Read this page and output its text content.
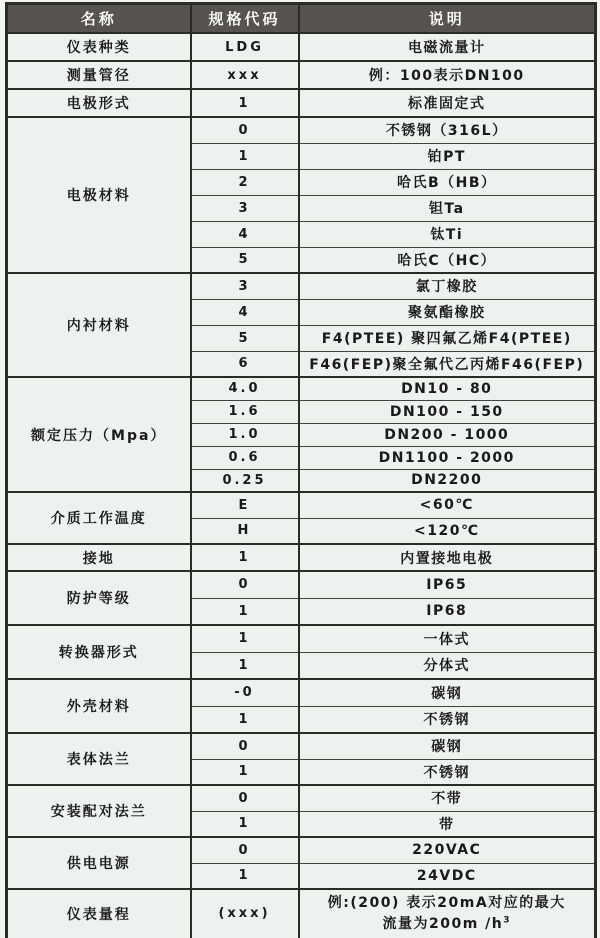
名称	规格代码	说明
仪表种类	LDG	电磁流量计
测量管径	xxx	例：100表示DN100
电极形式	1	标准固定式
电极材料	0	不锈钢（316L）
	1	铂PT
	2	哈氏B（HB）
	3	钽Ta
	4	钛Ti
	5	哈氏C（HC）
内衬材料	3	氯丁橡胶
	4	聚氨酯橡胶
	5	F4(PTEE) 聚四氟乙烯F4(PTEE)
	6	F46(FEP)聚全氟代乙丙烯F46(FEP)
额定压力（Mpa）	4.0	DN10 - 80
	1.6	DN100 - 150
	1.0	DN200 - 1000
	0.6	DN1100 - 2000
	0.25	DN2200
介质工作温度	E	<60℃
	H	<120℃
接地	1	内置接地电极
防护等级	0	IP65
	1	IP68
转换器形式	1	一体式
	1	分体式
外壳材料	-0	碳钢
	1	不锈钢
表体法兰	0	碳钢
	1	不锈钢
安装配对法兰	0	不带
	1	带
供电电源	0	220VAC
	1	24VDC
仪表量程	(xxx)	例:(200) 表示20mA对应的最大
流量为200m $/h^3$
